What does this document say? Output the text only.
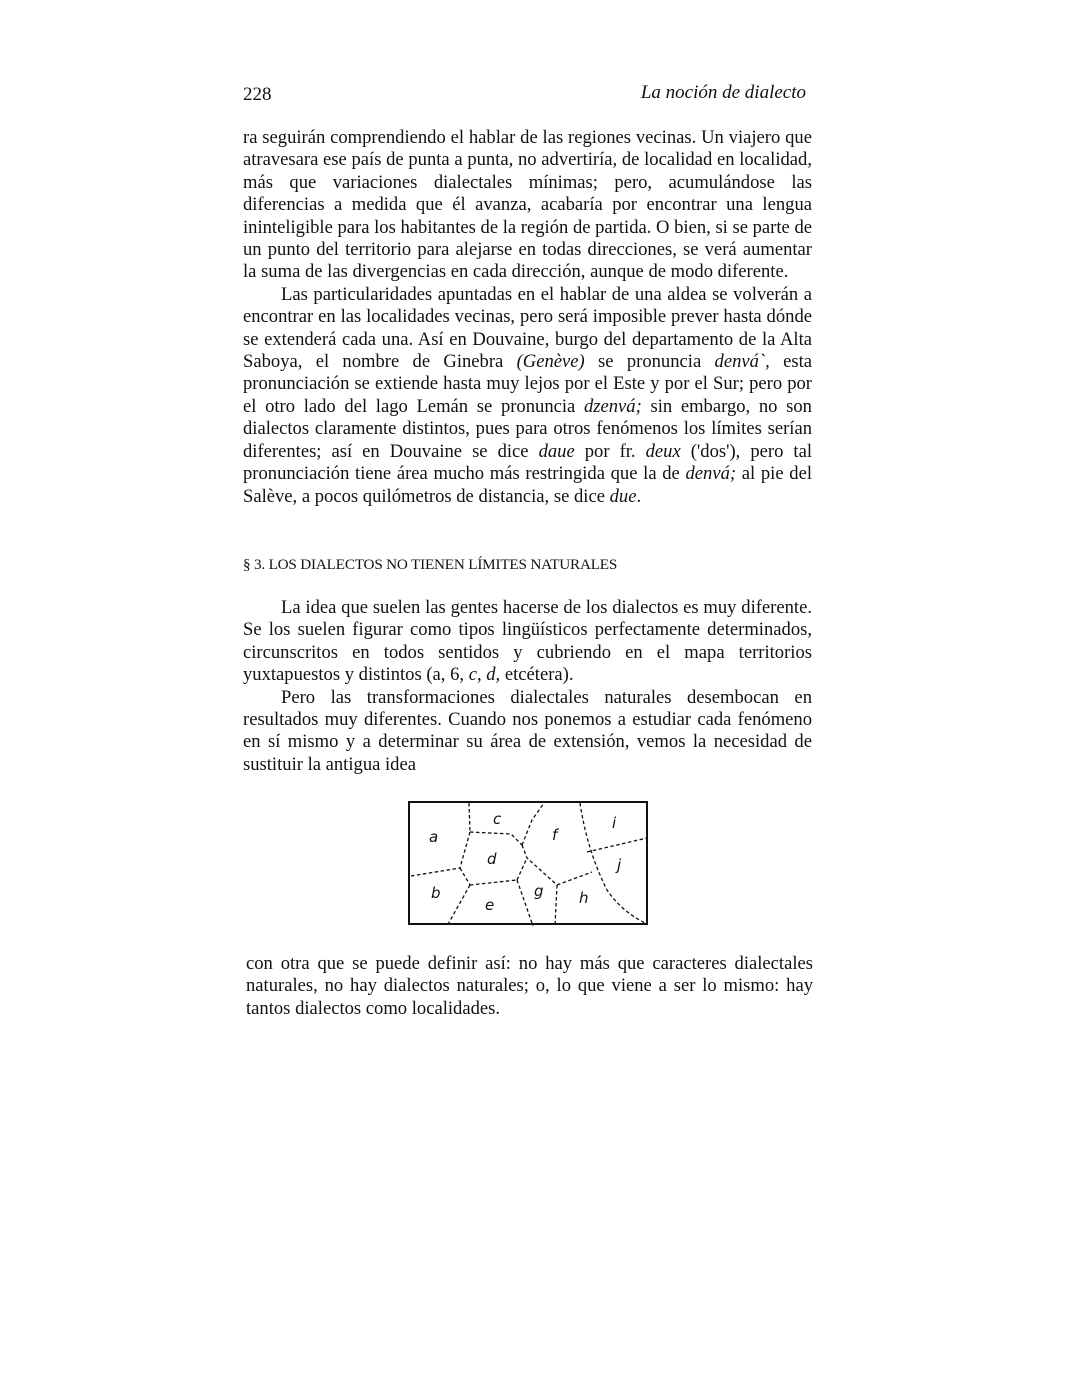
228	La noción de dialecto

ra seguirán comprendiendo el hablar de las regiones vecinas. Un viajero que atravesara ese país de punta a punta, no advertiría, de localidad en localidad, más que variaciones dialectales mínimas; pero, acumulándose las diferencias a medida que él avanza, acabaría por encontrar una lengua ininteligible para los habitantes de la región de partida. O bien, si se parte de un punto del territorio para alejarse en todas direcciones, se verá aumentar la suma de las divergencias en cada dirección, aunque de modo diferente.

Las particularidades apuntadas en el hablar de una aldea se volverán a encontrar en las localidades vecinas, pero será imposible prever hasta dónde se extenderá cada una. Así en Douvaine, burgo del departamento de la Alta Saboya, el nombre de Ginebra (Genève) se pronuncia denvá`, esta pronunciación se extiende hasta muy lejos por el Este y por el Sur; pero por el otro lado del lago Lemán se pronuncia dzenvá; sin embargo, no son dialectos claramente distintos, pues para otros fenómenos los límites serían diferentes; así en Douvaine se dice daue por fr. deux ('dos'), pero tal pronunciación tiene área mucho más restringida que la de denvá; al pie del Salève, a pocos quilómetros de distancia, se dice due.

§ 3. LOS DIALECTOS NO TIENEN LÍMITES NATURALES

La idea que suelen las gentes hacerse de los dialectos es muy diferente. Se los suelen figurar como tipos lingüísticos perfectamente determinados, circunscritos en todos sentidos y cubriendo en el mapa territorios yuxtapuestos y distintos (a, 6, c, d, etcétera).

Pero las transformaciones dialectales naturales desembocan en resultados muy diferentes. Cuando nos ponemos a estudiar cada fenómeno en sí mismo y a determinar su área de extensión, vemos la necesidad de sustituir la antigua idea

a
b
c
d
e
f
g h
i
j

con otra que se puede definir así: no hay más que caracteres dialectales naturales, no hay dialectos naturales; o, lo que viene a ser lo mismo: hay tantos dialectos como localidades.
